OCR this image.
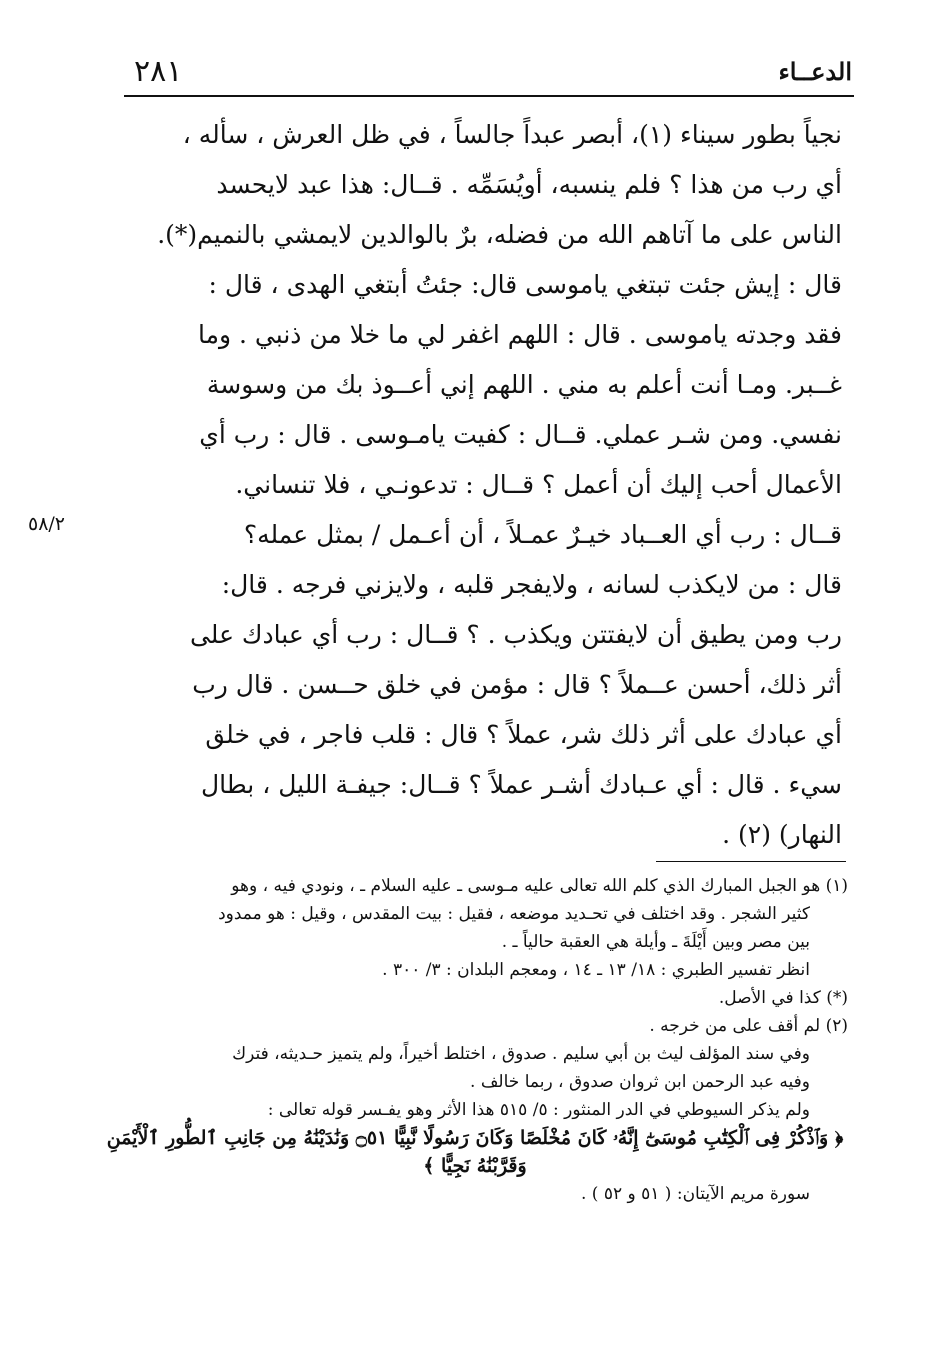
٢٨١	الدعــاء
٥٨/٢

نجياً بطور سيناء (١)، أبصر عبداً جالساً ، في ظل العرش ، سأله ،

أي رب من هذا ؟ فلم ينسبه، أويُسَمِّه . قــال: هذا عبد لايحسد

الناس على ما آتاهم الله من فضله، برٌ بالوالدين لايمشي بالنميم(*).

قال : إيش جئت تبتغي ياموسى قال: جئتُ أبتغي الهدى ، قال :

فقد وجدته ياموسى . قال : اللهم اغفر لي ما خلا من ذنبي . وما

غــبر. ومـا أنت أعلم به مني . اللهم إني أعــوذ بك من وسوسة

نفسي. ومن شـر عملي. قــال : كفيت يامـوسى . قال : رب أي

الأعمال أحب إليك أن أعمل ؟ قــال : تدعونـي ، فلا تنساني.

قــال : رب أي العــباد خيـرٌ عمـلاً ، أن أعـمل / بمثل عمله؟

قال : من لايكذب لسانه ، ولايفجر قلبه ، ولايزني فرجه . قال:

رب ومن يطيق أن لايفتتن ويكذب . ؟ قــال : رب أي عبادك على

أثر ذلك، أحسن عــملاً ؟ قال : مؤمن في خلق حــسن . قال رب

أي عبادك على أثر ذلك شر، عملاً ؟ قال : قلب فاجر ، في خلق

سيء . قال : أي عـبادك أشـر عملاً ؟ قــال: جيفـة الليل ، بطال

النهار) (٢) .

(١) هو الجبل المبارك الذي كلم الله تعالى عليه مـوسى ـ عليه السلام ـ ، ونودي فيه ، وهو

كثير الشجر . وقد اختلف في تحـديد موضعه ، فقيل : بيت المقدس ، وقيل : هو ممدود

بين مصر وبين أَيْلَةَ ـ وأيلة هي العقبة حالياً ـ .

انظر تفسير الطبري : ١٨/ ١٣ ـ ١٤ ، ومعجم البلدان : ٣/ ٣٠٠ .

(*) كذا في الأصل.

(٢) لم أقف على من خرجه .

وفي سند المؤلف ليث بن أبي سليم . صدوق ، اختلط أخيراً، ولم يتميز حـديثه، فترك

وفيه عبد الرحمن ابن ثروان صدوق ، ربما خالف .

ولم يذكر السيوطي في الدر المنثور : ٥/ ٥١٥ هذا الأثر وهو يفـسر قوله تعالى :

﴿ وَٱذْكُرْ فِى ٱلْكِتَٰبِ مُوسَىٰٓ إِنَّهُۥ كَانَ مُخْلَصًا وَكَانَ رَسُولًا نَّبِيًّا ۝٥١ وَنَٰدَيْنَٰهُ مِن جَانِبِ ٱلطُّورِ ٱلْأَيْمَنِ وَقَرَّبْنَٰهُ نَجِيًّا ﴾

سورة مريم الآيتان: ( ٥١ و ٥٢ ) .
